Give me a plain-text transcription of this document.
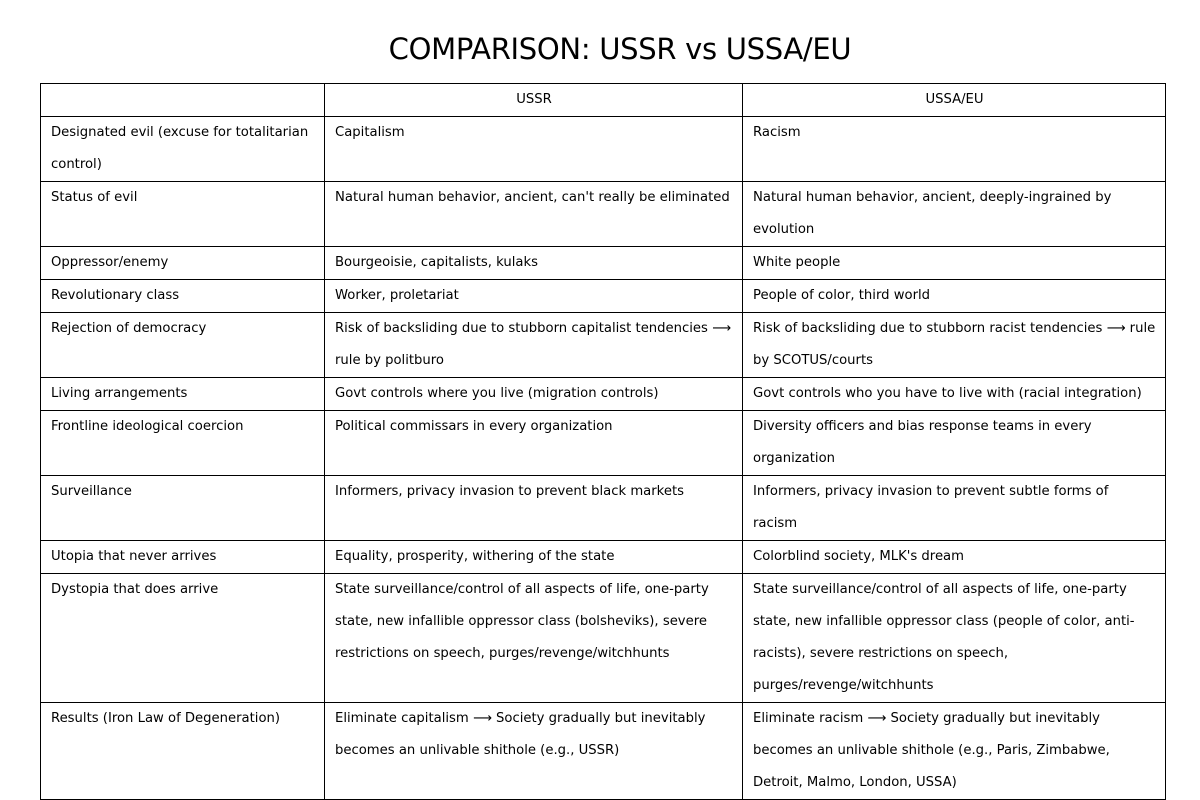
COMPARISON: USSR vs USSA/EU
	USSR	USSA/EU
Designated evil (excuse for totalitarian control)	Capitalism	Racism
Status of evil	Natural human behavior, ancient, can't really be eliminated	Natural human behavior, ancient, deeply-ingrained by evolution
Oppressor/enemy	Bourgeoisie, capitalists, kulaks	White people
Revolutionary class	Worker, proletariat	People of color, third world
Rejection of democracy	Risk of backsliding due to stubborn capitalist tendencies ⟶ rule by politburo	Risk of backsliding due to stubborn racist tendencies ⟶ rule by SCOTUS/courts
Living arrangements	Govt controls where you live (migration controls)	Govt controls who you have to live with (racial integration)
Frontline ideological coercion	Political commissars in every organization	Diversity officers and bias response teams in every organization
Surveillance	Informers, privacy invasion to prevent black markets	Informers, privacy invasion to prevent subtle forms of racism
Utopia that never arrives	Equality, prosperity, withering of the state	Colorblind society, MLK's dream
Dystopia that does arrive	State surveillance/control of all aspects of life, one-party state, new infallible oppressor class (bolsheviks), severe restrictions on speech, purges/revenge/witchhunts	State surveillance/control of all aspects of life, one-party state, new infallible oppressor class (people of color, anti-racists), severe restrictions on speech, purges/revenge/witchhunts
Results (Iron Law of Degeneration)	Eliminate capitalism ⟶ Society gradually but inevitably becomes an unlivable shithole (e.g., USSR)	Eliminate racism ⟶ Society gradually but inevitably becomes an unlivable shithole (e.g., Paris, Zimbabwe, Detroit, Malmo, London, USSA)
